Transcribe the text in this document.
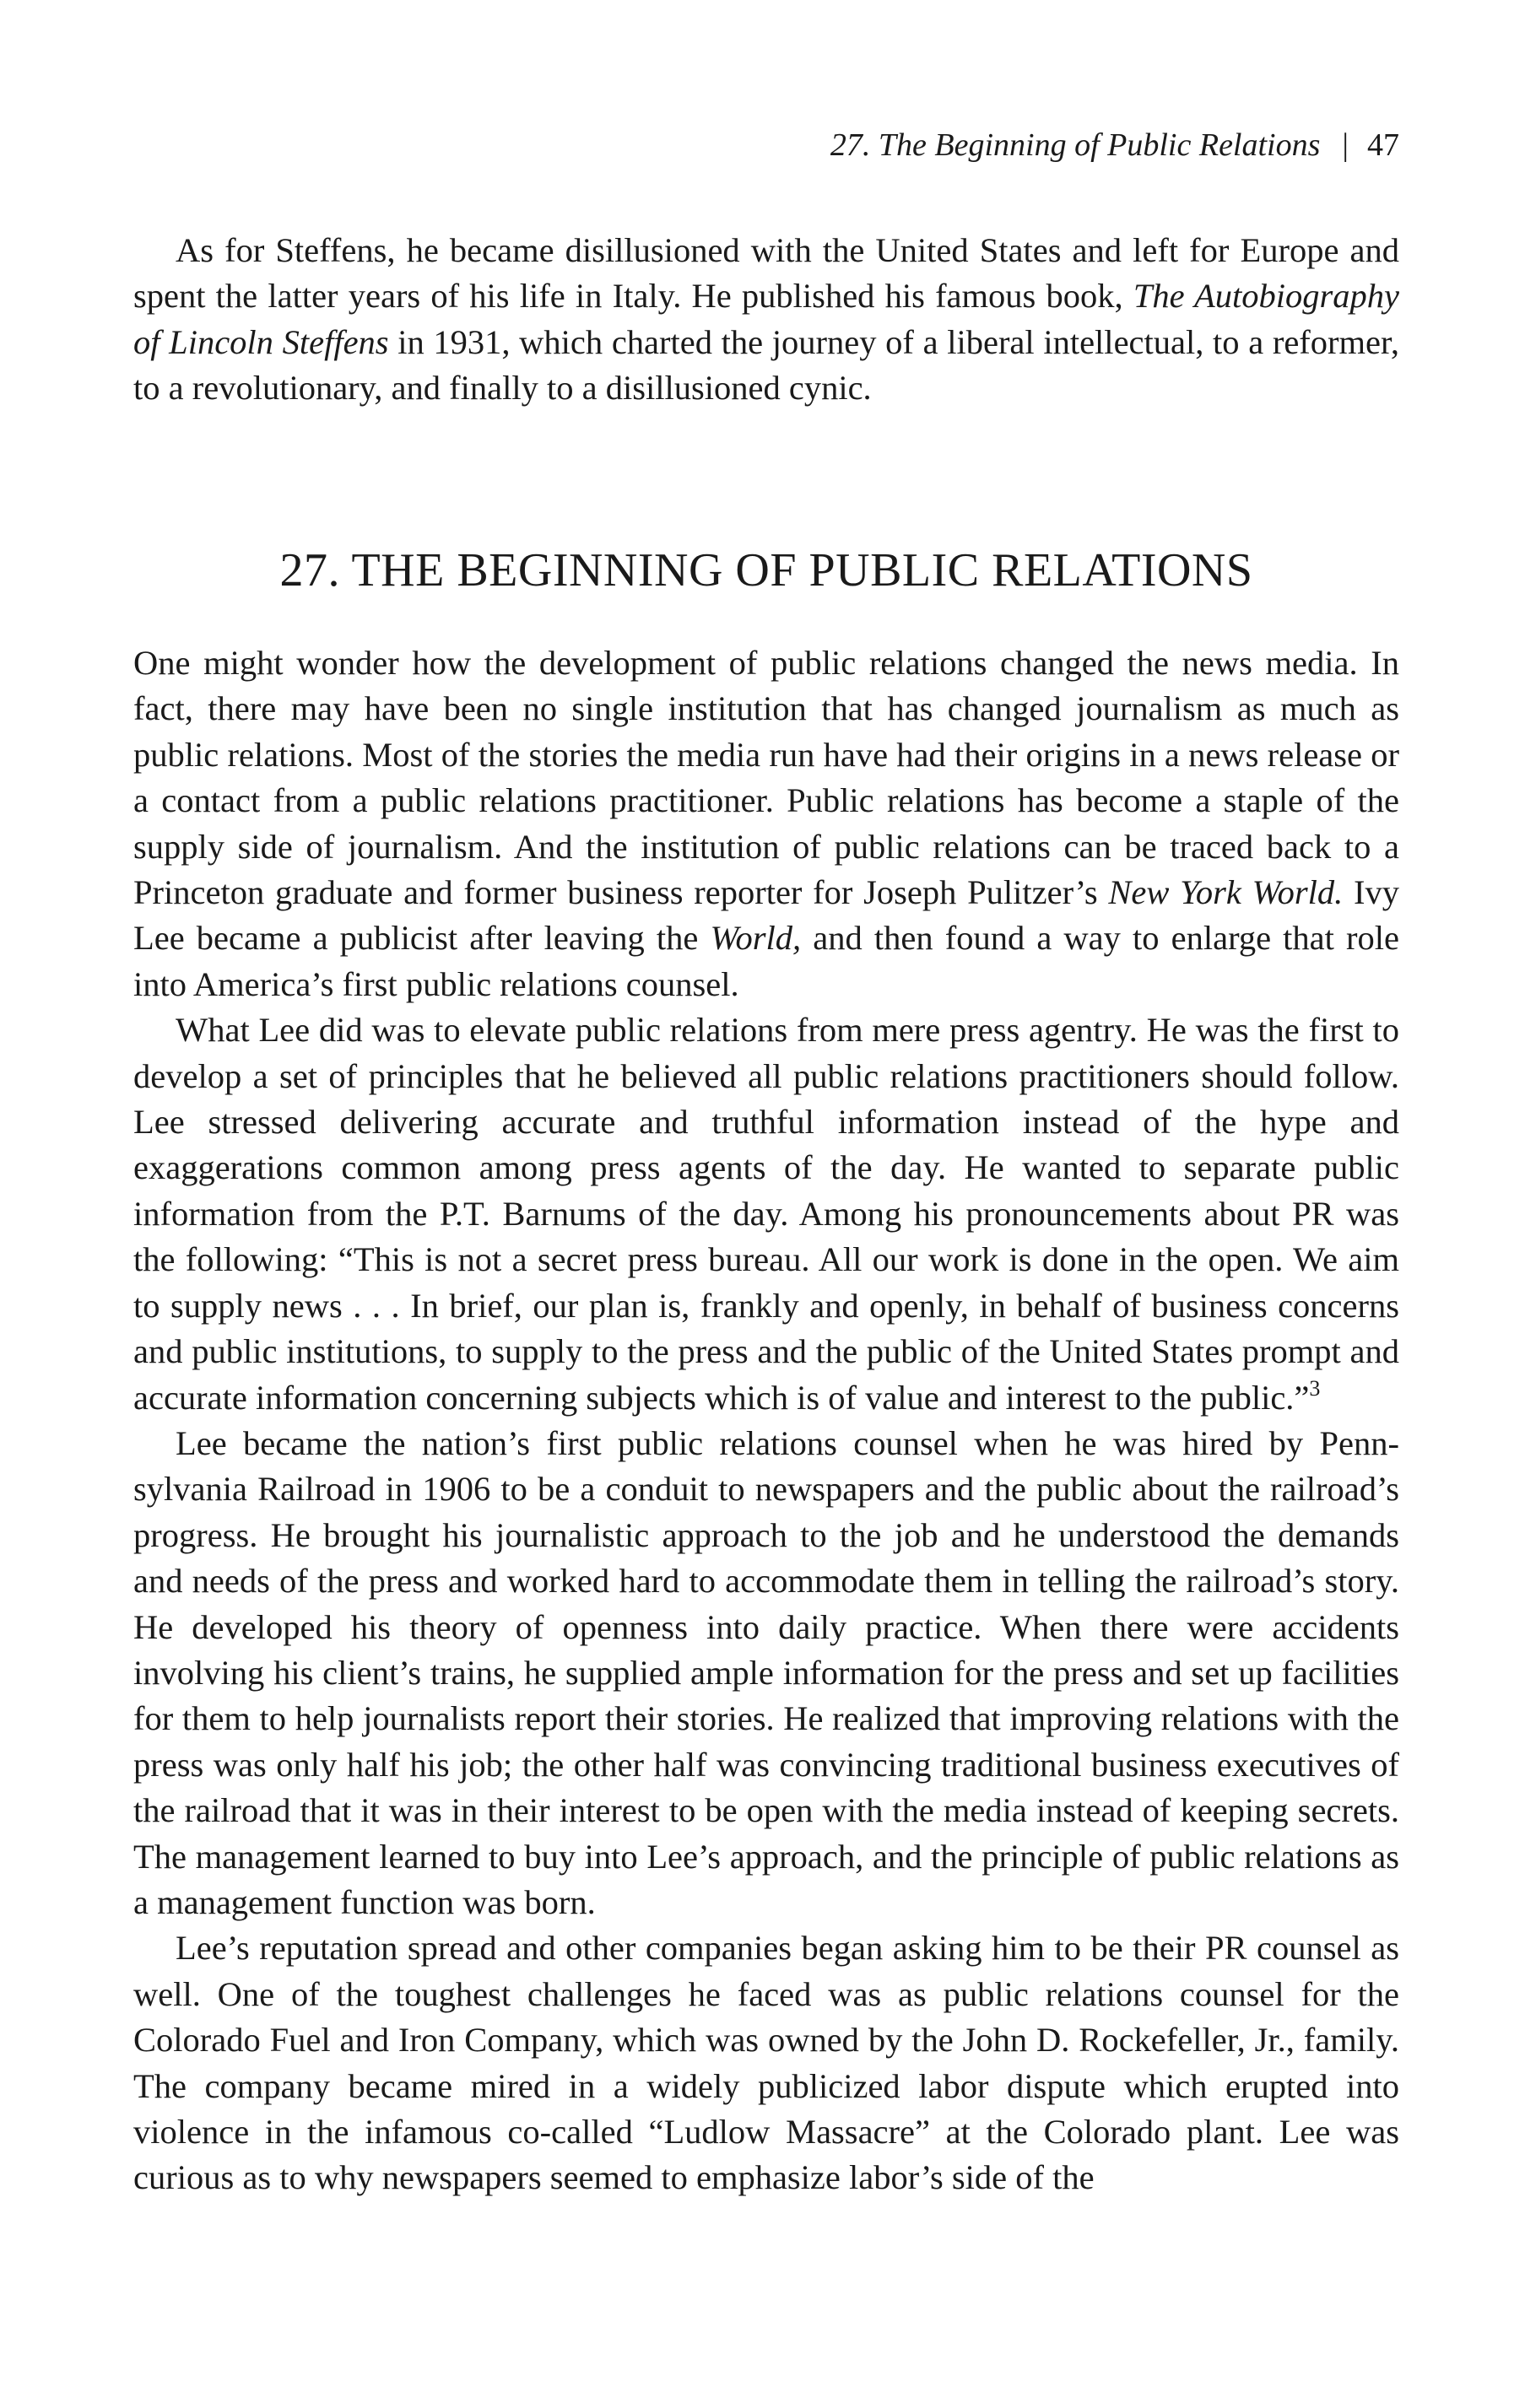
27. The Beginning of Public Relations | 47

As for Steffens, he became disillusioned with the United States and left for Europe and spent the latter years of his life in Italy. He published his famous book, The Autobiography of Lincoln Steffens in 1931, which charted the journey of a liberal intellectual, to a reformer, to a revolutionary, and finally to a disillusioned cynic.

27. THE BEGINNING OF PUBLIC RELATIONS

One might wonder how the development of public relations changed the news media. In fact, there may have been no single institution that has changed journalism as much as public relations. Most of the stories the media run have had their origins in a news release or a contact from a public relations practitioner. Public relations has become a staple of the supply side of journalism. And the institution of public relations can be traced back to a Princeton graduate and former business reporter for Joseph Pulitzer’s New York World. Ivy Lee became a publicist after leaving the World, and then found a way to enlarge that role into America’s first public relations counsel.

What Lee did was to elevate public relations from mere press agentry. He was the first to develop a set of principles that he believed all public relations practitioners should follow. Lee stressed delivering accurate and truthful information instead of the hype and exaggerations common among press agents of the day. He wanted to separate public information from the P.T. Barnums of the day. Among his pronouncements about PR was the following: “This is not a secret press bureau. All our work is done in the open. We aim to supply news . . . In brief, our plan is, frankly and openly, in behalf of business concerns and public institutions, to supply to the press and the public of the United States prompt and accurate information concerning subjects which is of value and interest to the public.”$^3$

Lee became the nation’s first public relations counsel when he was hired by Pennsylvania Railroad in 1906 to be a conduit to newspapers and the public about the railroad’s progress. He brought his journalistic approach to the job and he understood the demands and needs of the press and worked hard to accommodate them in telling the railroad’s story. He developed his theory of openness into daily practice. When there were accidents involving his client’s trains, he supplied ample information for the press and set up facilities for them to help journalists report their stories. He realized that improving relations with the press was only half his job; the other half was convincing traditional business executives of the railroad that it was in their interest to be open with the media instead of keeping secrets. The management learned to buy into Lee’s approach, and the principle of public relations as a management function was born.

Lee’s reputation spread and other companies began asking him to be their PR counsel as well. One of the toughest challenges he faced was as public relations counsel for the Colorado Fuel and Iron Company, which was owned by the John D. Rockefeller, Jr., family. The company became mired in a widely publicized labor dispute which erupted into violence in the infamous co-called “Ludlow Massacre” at the Colorado plant. Lee was curious as to why newspapers seemed to emphasize labor’s side of the
